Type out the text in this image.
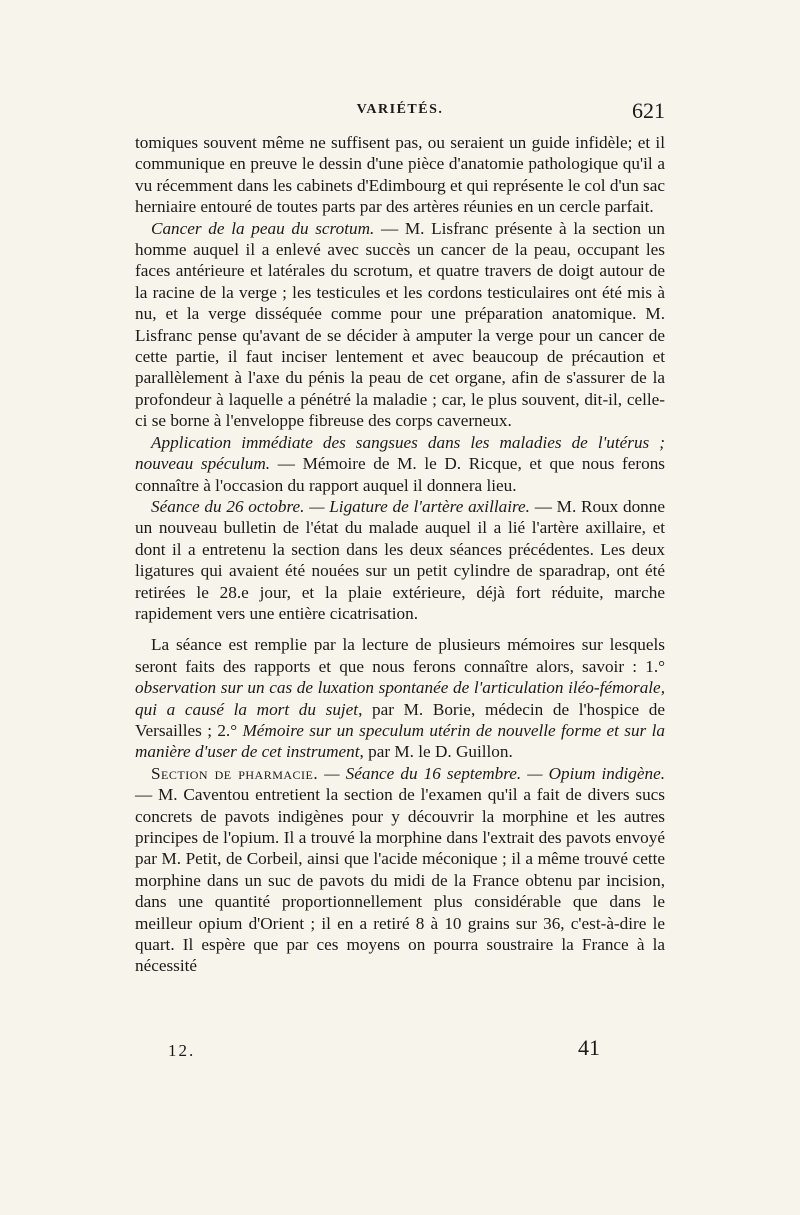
VARIÉTÉS.	621

tomiques souvent même ne suffisent pas, ou seraient un guide infidèle; et il communique en preuve le dessin d'une pièce d'anatomie pathologique qu'il a vu récemment dans les cabinets d'Edimbourg et qui représente le col d'un sac herniaire entouré de toutes parts par des artères réunies en un cercle parfait.

Cancer de la peau du scrotum. — M. Lisfranc présente à la section un homme auquel il a enlevé avec succès un cancer de la peau, occupant les faces antérieure et latérales du scrotum, et quatre travers de doigt autour de la racine de la verge ; les testicules et les cordons testiculaires ont été mis à nu, et la verge disséquée comme pour une préparation anatomique. M. Lisfranc pense qu'avant de se décider à amputer la verge pour un cancer de cette partie, il faut inciser lentement et avec beaucoup de précaution et parallèlement à l'axe du pénis la peau de cet organe, afin de s'assurer de la profondeur à laquelle a pénétré la maladie ; car, le plus souvent, dit-il, celle-ci se borne à l'enveloppe fibreuse des corps caverneux.

Application immédiate des sangsues dans les maladies de l'utérus ; nouveau spéculum. — Mémoire de M. le D. Ricque, et que nous ferons connaître à l'occasion du rapport auquel il donnera lieu.

Séance du 26 octobre. — Ligature de l'artère axillaire. — M. Roux donne un nouveau bulletin de l'état du malade auquel il a lié l'artère axillaire, et dont il a entretenu la section dans les deux séances précédentes. Les deux ligatures qui avaient été nouées sur un petit cylindre de sparadrap, ont été retirées le 28.e jour, et la plaie extérieure, déjà fort réduite, marche rapidement vers une entière cicatrisation.

La séance est remplie par la lecture de plusieurs mémoires sur lesquels seront faits des rapports et que nous ferons connaître alors, savoir : 1.° observation sur un cas de luxation spontanée de l'articulation iléo-fémorale, qui a causé la mort du sujet, par M. Borie, médecin de l'hospice de Versailles ; 2.° Mémoire sur un speculum utérin de nouvelle forme et sur la manière d'user de cet instrument, par M. le D. Guillon.

Section de pharmacie. — Séance du 16 septembre. — Opium indigène. — M. Caventou entretient la section de l'examen qu'il a fait de divers sucs concrets de pavots indigènes pour y découvrir la morphine et les autres principes de l'opium. Il a trouvé la morphine dans l'extrait des pavots envoyé par M. Petit, de Corbeil, ainsi que l'acide méconique ; il a même trouvé cette morphine dans un suc de pavots du midi de la France obtenu par incision, dans une quantité proportionnellement plus considérable que dans le meilleur opium d'Orient ; il en a retiré 8 à 10 grains sur 36, c'est-à-dire le quart. Il espère que par ces moyens on pourra soustraire la France à la nécessité

12.	41
